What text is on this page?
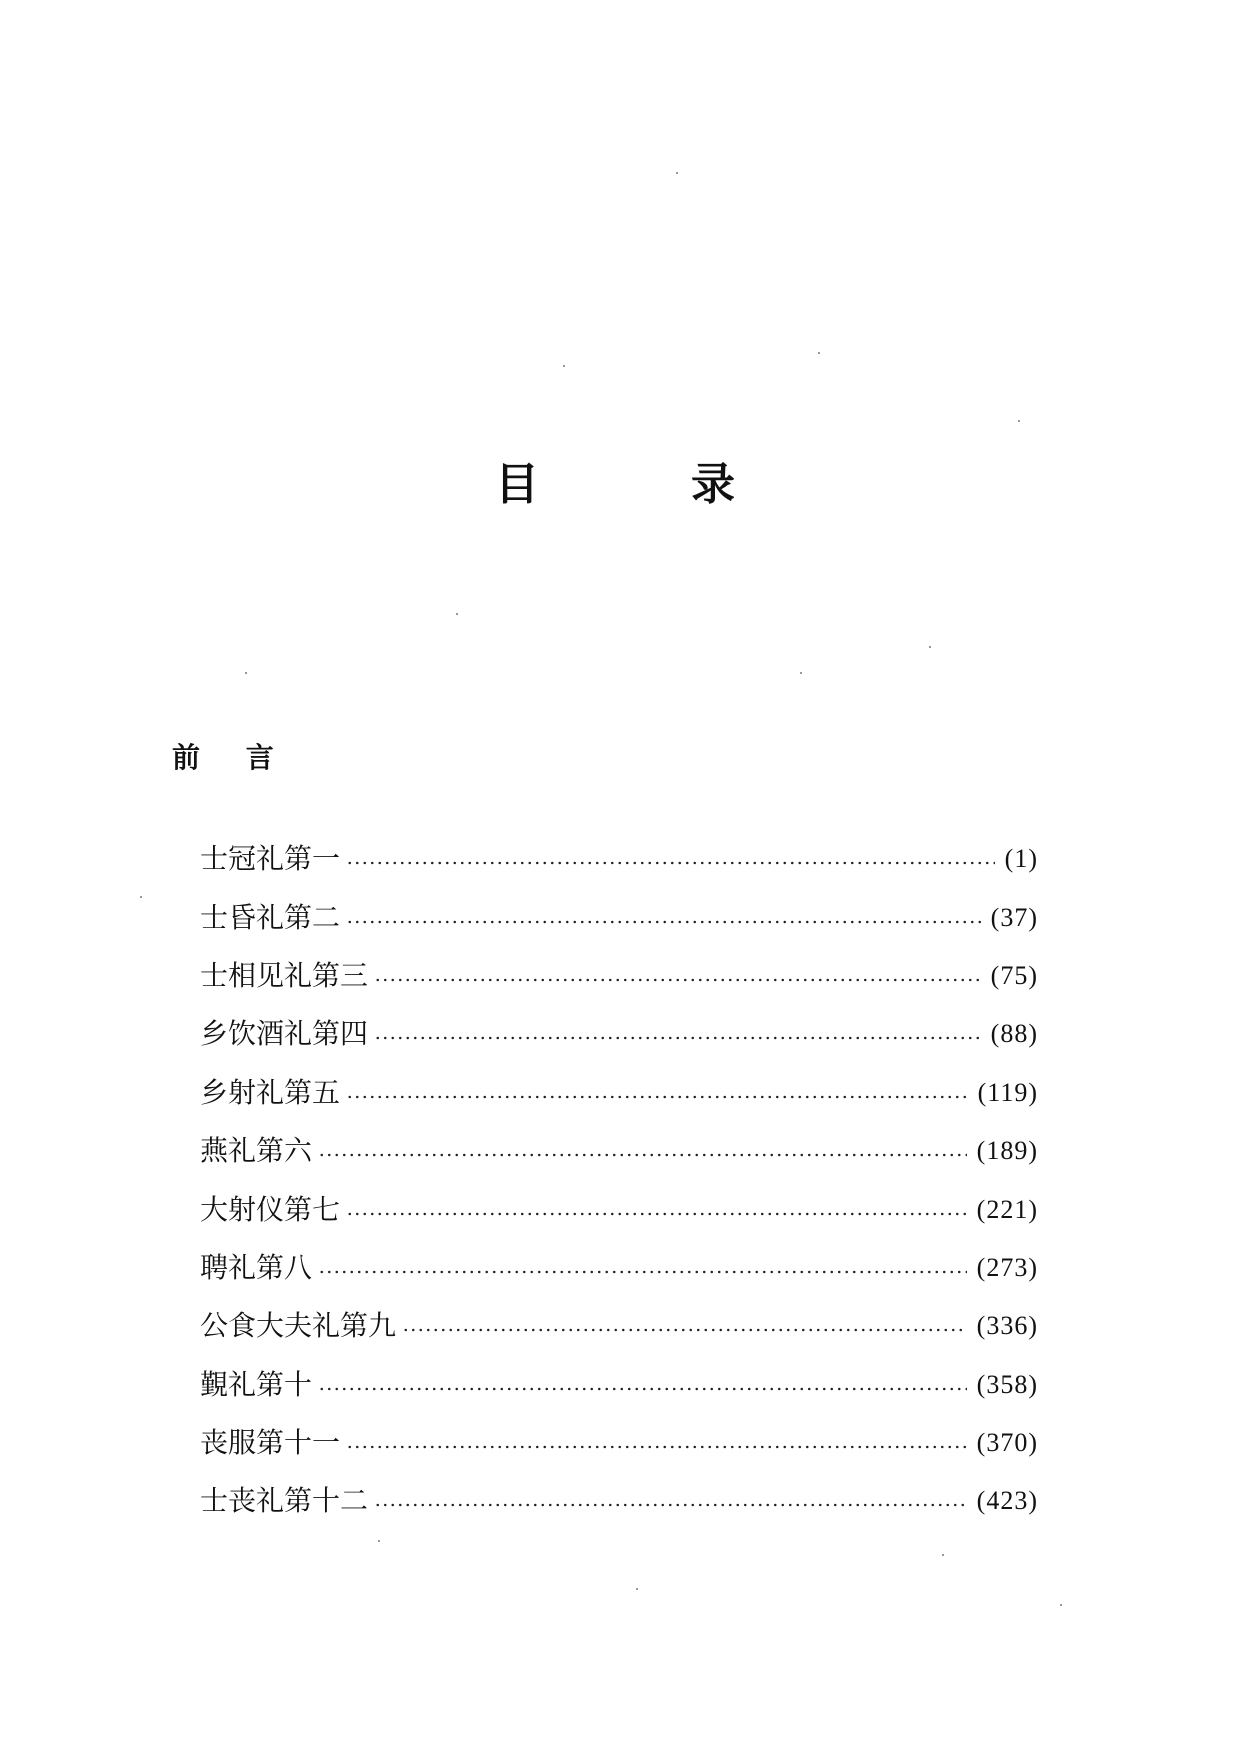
目	录
前 言
士冠礼第一	(1)
士昏礼第二	(37)
士相见礼第三	(75)
乡饮酒礼第四	(88)
乡射礼第五	(119)
燕礼第六	(189)
大射仪第七	(221)
聘礼第八	(273)
公食大夫礼第九	(336)
覲礼第十	(358)
丧服第十一	(370)
士丧礼第十二	(423)
